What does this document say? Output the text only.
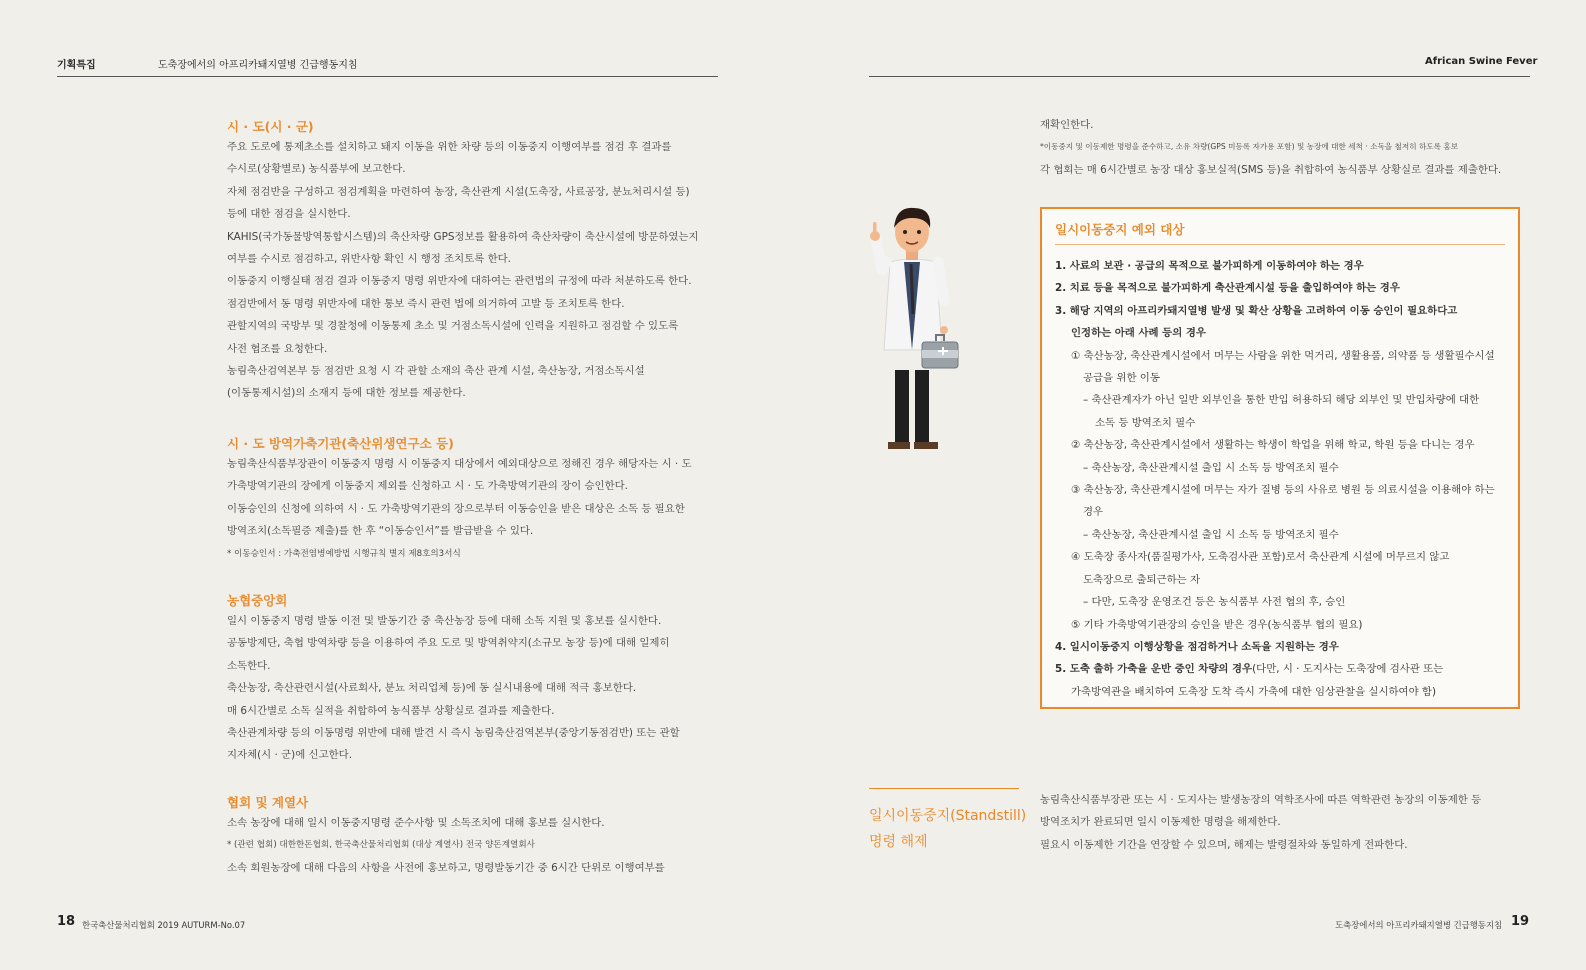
기획특집	도축장에서의 아프리카돼지열병 긴급행동지침	African Swine Fever
시 · 도(시 · 군)
주요 도로에 통제초소를 설치하고 돼지 이동을 위한 차량 등의 이동중지 이행여부를 점검 후 결과를
수시로(상황별로) 농식품부에 보고한다.
자체 점검반을 구성하고 점검계획을 마련하여 농장, 축산관계 시설(도축장, 사료공장, 분뇨처리시설 등)
등에 대한 점검을 실시한다.
KAHIS(국가동물방역통합시스템)의 축산차량 GPS정보를 활용하여 축산차량이 축산시설에 방문하였는지
여부를 수시로 점검하고, 위반사항 확인 시 행정 조치토록 한다.
이동중지 이행실태 점검 결과 이동중지 명령 위반자에 대하여는 관련법의 규정에 따라 처분하도록 한다.
점검반에서 동 명령 위반자에 대한 통보 즉시 관련 법에 의거하여 고발 등 조치토록 한다.
관할지역의 국방부 및 경찰청에 이동통제 초소 및 거점소독시설에 인력을 지원하고 점검할 수 있도록
사전 협조를 요청한다.
농림축산검역본부 등 점검반 요청 시 각 관할 소재의 축산 관계 시설, 축산농장, 거점소독시설
(이동통제시설)의 소재지 등에 대한 정보를 제공한다.
시 · 도 방역가축기관(축산위생연구소 등)
농림축산식품부장관이 이동중지 명령 시 이동중지 대상에서 예외대상으로 정해진 경우 해당자는 시 · 도
가축방역기관의 장에게 이동중지 제외를 신청하고 시 · 도 가축방역기관의 장이 승인한다.
이동승인의 신청에 의하여 시 · 도 가축방역기관의 장으로부터 이동승인을 받은 대상은 소독 등 필요한
방역조치(소독필증 제출)를 한 후 “이동승인서”를 발급받을 수 있다.
* 이동승인서 : 가축전염병예방법 시행규칙 별지 제8호의3서식
농협중앙회
일시 이동중지 명령 발동 이전 및 발동기간 중 축산농장 등에 대해 소독 지원 및 홍보를 실시한다.
공동방제단, 축협 방역차량 등을 이용하여 주요 도로 및 방역취약지(소규모 농장 등)에 대해 일제히
소독한다.
축산농장, 축산관련시설(사료회사, 분뇨 처리업체 등)에 동 실시내용에 대해 적극 홍보한다.
매 6시간별로 소독 실적을 취합하여 농식품부 상황실로 결과를 제출한다.
축산관계차량 등의 이동명령 위반에 대해 발견 시 즉시 농림축산검역본부(중앙기동점검반) 또는 관할
지자체(시 · 군)에 신고한다.
협회 및 계열사
소속 농장에 대해 일시 이동중지명령 준수사항 및 소독조치에 대해 홍보를 실시한다.
* (관련 협회) 대한한돈협회, 한국축산물처리협회 (대상 계열사) 전국 양돈계열회사
소속 회원농장에 대해 다음의 사항을 사전에 홍보하고, 명령발동기간 중 6시간 단위로 이행여부를
재확인한다.
*이동중지 및 이동제한 명령을 준수하고, 소유 차량(GPS 미등록 자가용 포함) 및 농장에 대한 세척 · 소독을 철저히 하도록 홍보
각 협회는 매 6시간별로 농장 대상 홍보실적(SMS 등)을 취합하여 농식품부 상황실로 결과를 제출한다.
일시이동중지 예외 대상
1. 사료의 보관 · 공급의 목적으로 불가피하게 이동하여야 하는 경우
2. 치료 등을 목적으로 불가피하게 축산관계시설 등을 출입하여야 하는 경우
3. 해당 지역의 아프리카돼지열병 발생 및 확산 상황을 고려하여 이동 승인이 필요하다고
인정하는 아래 사례 등의 경우
① 축산농장, 축산관계시설에서 머무는 사람을 위한 먹거리, 생활용품, 의약품 등 생활필수시설
공급을 위한 이동
– 축산관계자가 아닌 일반 외부인을 통한 반입 허용하되 해당 외부인 및 반입차량에 대한
소독 등 방역조치 필수
② 축산농장, 축산관계시설에서 생활하는 학생이 학업을 위해 학교, 학원 등을 다니는 경우
– 축산농장, 축산관계시설 출입 시 소독 등 방역조치 필수
③ 축산농장, 축산관계시설에 머무는 자가 질병 등의 사유로 병원 등 의료시설을 이용해야 하는
경우
– 축산농장, 축산관계시설 출입 시 소독 등 방역조치 필수
④ 도축장 종사자(품질평가사, 도축검사관 포함)로서 축산관계 시설에 머무르지 않고
도축장으로 출퇴근하는 자
– 다만, 도축장 운영조건 등은 농식품부 사전 협의 후, 승인
⑤ 기타 가축방역기관장의 승인을 받은 경우(농식품부 협의 필요)
4. 일시이동중지 이행상황을 점검하거나 소독을 지원하는 경우
5. 도축 출하 가축을 운반 중인 차량의 경우(다만, 시 · 도지사는 도축장에 검사관 또는
가축방역관을 배치하여 도축장 도착 즉시 가축에 대한 임상관찰을 실시하여야 함)
일시이동중지(Standstill)
명령 해제
농림축산식품부장관 또는 시 · 도지사는 발생농장의 역학조사에 따른 역학관련 농장의 이동제한 등
방역조치가 완료되면 일시 이동제한 명령을 해제한다.
필요시 이동제한 기간을 연장할 수 있으며, 해제는 발령절차와 동일하게 전파한다.
18 한국축산물처리협회 2019 AUTURM-No.07	도축장에서의 아프리카돼지열병 긴급행동지침 19
